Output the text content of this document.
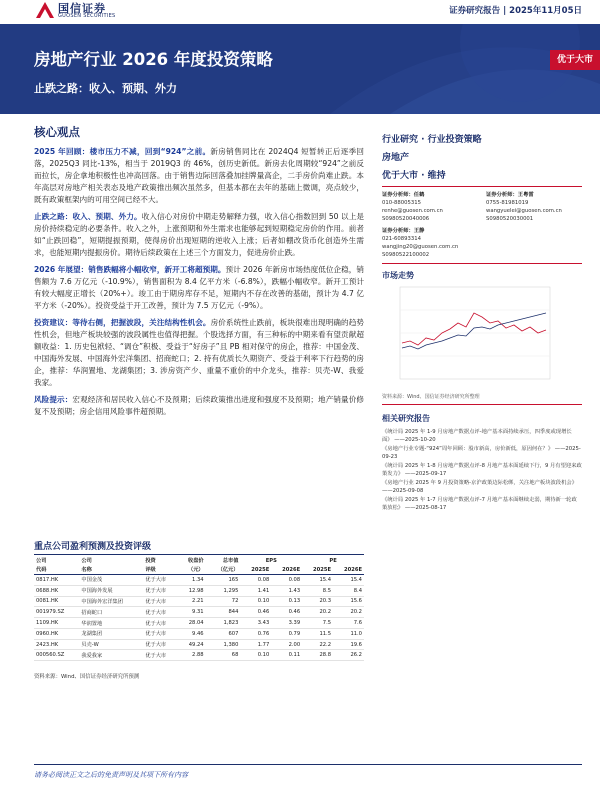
国信证券
GUOSEN SECURITIES	证券研究报告 | 2025年11月05日
房地产行业 2026 年度投资策略
止跌之路：收入、预期、外力
优于大市
核心观点

2025 年回顾：楼市压力不减，回到“924”之前。新房销售同比在 2024Q4 短暂转正后逐季回落，2025Q3 同比-13%，相当于 2019Q3 的 46%，创历史新低。新房去化周期较“924”之前反而拉长，房企拿地积极性也冲高回落。由于销售边际回落叠加挂牌量高企，二手房价尚难止跌。本年高层对房地产相关表态及地产政策推出频次虽然多，但基本都在去年的基础上微调，亮点较少，既有政策框架内的可用空间已经不大。

止跌之路：收入、预期、外力。收入信心对房价中期走势解释力强，收入信心指数回到 50 以上是房价持续稳定的必要条件。收入之外，上涨预期和外生需求也能够起到短期稳定房价的作用。前者如“止跌回稳”，短期提振预期，使得房价出现短期的逆收入上涨；后者如棚改货币化创造外生需求，也能短期内提振房价。期待后续政策在上述三个方面发力，促进房价止跌。

2026 年展望：销售跌幅将小幅收窄，新开工将超预期。预计 2026 年新房市场热度低位企稳，销售额为 7.6 万亿元（-10.9%），销售面积为 8.4 亿平方米（-6.8%），跌幅小幅收窄。新开工预计有较大幅度正增长（20%+）。竣工由于期房库存不足，短期内不存在改善的基础，预计为 4.7 亿平方米（-20%）。投资受益于开工改善，预计为 7.5 万亿元（-9%）。

投资建议：等待右侧，把握波段，关注结构性机会。房价系统性止跌前，板块很难出现明确的趋势性机会，但地产板块较强的波段属性也值得把握。个股选择方面，有三种标的中期来看有望贡献超额收益：1. 历史包袱轻、“调仓”积极、受益于“好房子”且 PB 相对保守的房企，推荐：中国金茂、中国海外发展、中国海外宏洋集团、招商蛇口；2. 持有优质长久期资产、受益于利率下行趋势的房企，推荐：华润置地、龙湖集团；3. 涉房资产少、重量不重价的中介龙头，推荐：贝壳-W、我爱我家。

风险提示：宏观经济和居民收入信心不及预期；后续政策推出进度和强度不及预期；地产销量价修复不及预期；房企信用风险事件超预期。

重点公司盈利预测及投资评级
公司	公司	投资	收盘价	总市值	EPS		PE	
代码	名称	评级	（元）	（亿元）	2025E	2026E	2025E	2026E
0817.HK	中国金茂	优于大市	1.34	165	0.08	0.08	15.4	15.4
0688.HK	中国海外发展	优于大市	12.98	1,295	1.41	1.43	8.5	8.4
0081.HK	中国海外宏洋集团	优于大市	2.21	72	0.10	0.13	20.3	15.6
001979.SZ	招商蛇口	优于大市	9.31	844	0.46	0.46	20.2	20.2
1109.HK	华润置地	优于大市	28.04	1,823	3.43	3.39	7.5	7.6
0960.HK	龙湖集团	优于大市	9.46	607	0.76	0.79	11.5	11.0
2423.HK	贝壳-W	优于大市	49.24	1,380	1.77	2.00	22.2	19.6
000560.SZ	我爱我家	优于大市	2.88	68	0.10	0.11	28.8	26.2
资料来源：Wind、国信证券经济研究所预测
行业研究 · 行业投资策略
房地产
优于大市 · 维持
证券分析师：任鹤
010-88005315
renhe@guosen.com.cn
S0980520040006
证券分析师：王粤雷
0755-81981019
wangyuelei@guosen.com.cn
S0980520030001
证券分析师：王静
021-60893314
wangjing20@guosen.com.cn
S0980522100002
市场走势
资料来源：Wind、国信证券经济研究所整理
相关研究报告
《统计局 2025 年 1-9 月房地产数据点评-地产基本面持续承压，四季度或现增长面》 ——2025-10-20
《房地产行业专题-“924”周年回顾：股市新高，房价新低，原因何在？》 ——2025-09-23
《统计局 2025 年 1-8 月房地产数据点评-8 月地产基本面延续下行，9 月有望迎来政策发力》 ——2025-09-17
《房地产行业 2025 年 9 月投资策略-京沪政策边际松绑，关注地产板块波段机会》 ——2025-09-08
《统计局 2025 年 1-7 月房地产数据点评-7 月地产基本面继续走弱，期待新一轮政策放松》 ——2025-08-17
请务必阅读正文之后的免责声明及其项下所有内容
